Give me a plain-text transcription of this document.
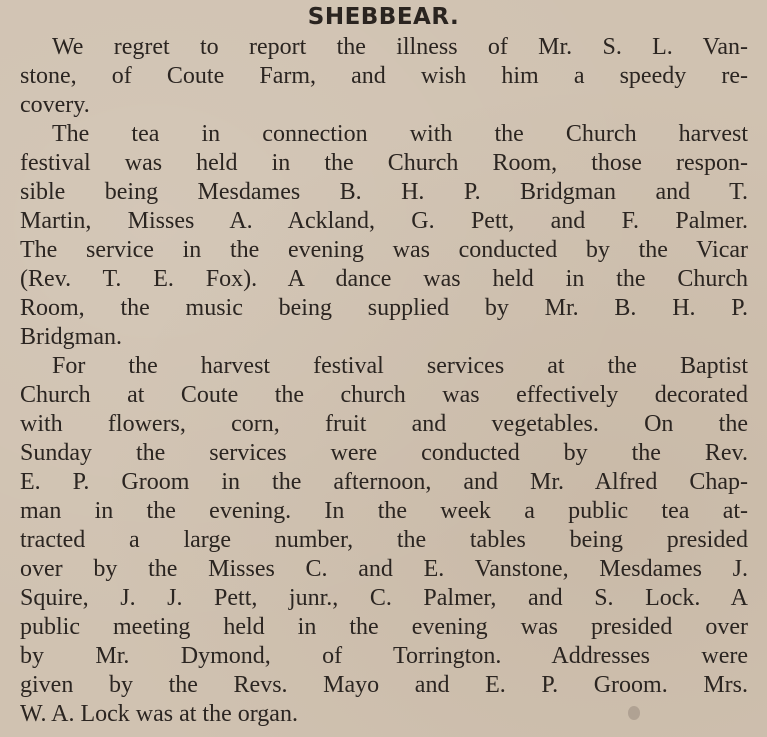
SHEBBEAR.
We regret to report the illness of Mr. S. L. Van-
stone, of Coute Farm, and wish him a speedy re-
covery.
The tea in connection with the Church harvest
festival was held in the Church Room, those respon-
sible being Mesdames B. H. P. Bridgman and T.
Martin, Misses A. Ackland, G. Pett, and F. Palmer.
The service in the evening was conducted by the Vicar
(Rev. T. E. Fox). A dance was held in the Church
Room, the music being supplied by Mr. B. H. P.
Bridgman.
For the harvest festival services at the Baptist
Church at Coute the church was effectively decorated
with flowers, corn, fruit and vegetables. On the
Sunday the services were conducted by the Rev.
E. P. Groom in the afternoon, and Mr. Alfred Chap-
man in the evening. In the week a public tea at-
tracted a large number, the tables being presided
over by the Misses C. and E. Vanstone, Mesdames J.
Squire, J. J. Pett, junr., C. Palmer, and S. Lock. A
public meeting held in the evening was presided over
by Mr. Dymond, of Torrington. Addresses were
given by the Revs. Mayo and E. P. Groom. Mrs.
W. A. Lock was at the organ.
